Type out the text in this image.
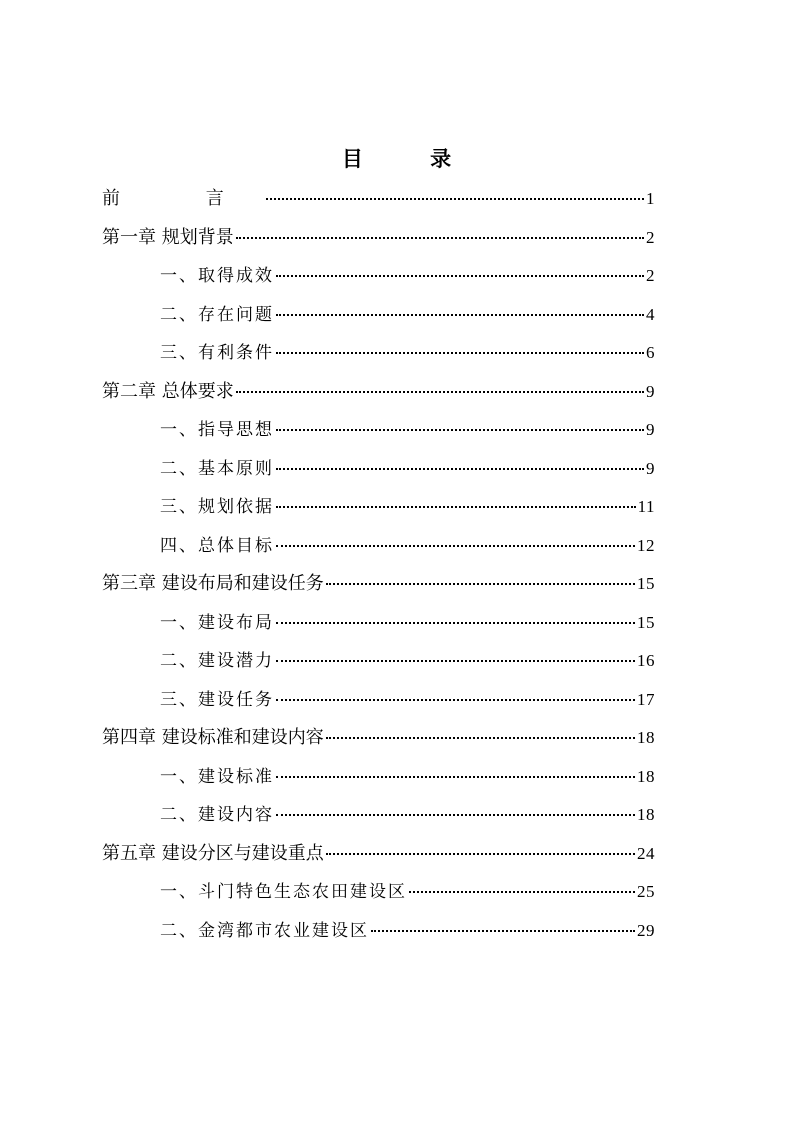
目 录
前 言	1
第一章 规划背景	2
一、取得成效	2
二、存在问题	4
三、有利条件	6
第二章 总体要求	9
一、指导思想	9
二、基本原则	9
三、规划依据	11
四、总体目标	12
第三章 建设布局和建设任务	15
一、建设布局	15
二、建设潜力	16
三、建设任务	17
第四章 建设标准和建设内容	18
一、建设标准	18
二、建设内容	18
第五章 建设分区与建设重点	24
一、斗门特色生态农田建设区	25
二、金湾都市农业建设区	29
